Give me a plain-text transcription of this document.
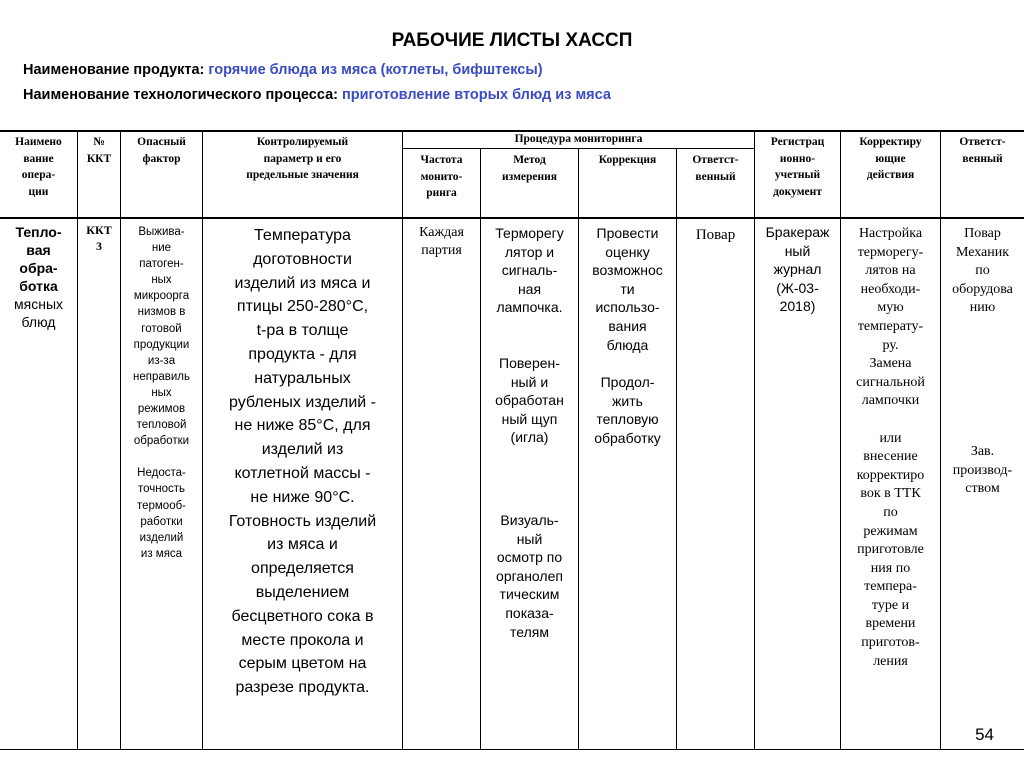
РАБОЧИЕ ЛИСТЫ ХАССП
Наименование продукта: горячие блюда из мяса (котлеты, бифштексы)
Наименование технологического процесса: приготовление вторых блюд из мяса
Наимено
вание
опера-
ции
№
ККТ
Опасный
фактор
Контролируемый
параметр и его
предельные значения
Процедура мониторинга
Частота
монито-
ринга
Метод
измерения
Коррекция	Ответст-
венный
Регистрац
ионно-
учетный
документ
Корректиру
ющие
действия
Ответст-
венный
Тепло-
вая
обра-
ботка
мясных
блюд
ККТ
3
Выжива-
ние
патоген-
ных
микроорга
низмов в
готовой
продукции
из-за
неправиль
ных
режимов
тепловой
обработки
Недоста-
точность
термооб-
работки
изделий
из мяса
Температура
доготовности
изделий из мяса и
птицы 250-280°С,
t-ра в толще
продукта - для
натуральных
рубленых изделий -
не ниже 85°С, для
изделий из
котлетной массы -
не ниже 90°С.
Готовность изделий
из мяса и
определяется
выделением
бесцветного сока в
месте прокола и
серым цветом на
разрезе продукта.
Каждая
партия
Терморегу
лятор и
сигналь-
ная
лампочка.
Поверен-
ный и
обработан
ный щуп
(игла)
Визуаль-
ный
осмотр по
органолеп
тическим
показа-
телям
Провести
оценку
возможнос
ти
использо-
вания
блюда
Продол-
жить
тепловую
обработку
Повар	Бракераж
ный
журнал
(Ж-03-
2018)
Настройка
терморегу-
лятов на
необходи-
мую
температу-
ру.
Замена
сигнальной
лампочки

или
внесение
корректиро
вок в ТТК
по
режимам
приготовле
ния по
темпера-
туре и
времени
приготов-
ления
Повар
Механик
по
оборудова
нию
Зав.
производ-
ством
54
